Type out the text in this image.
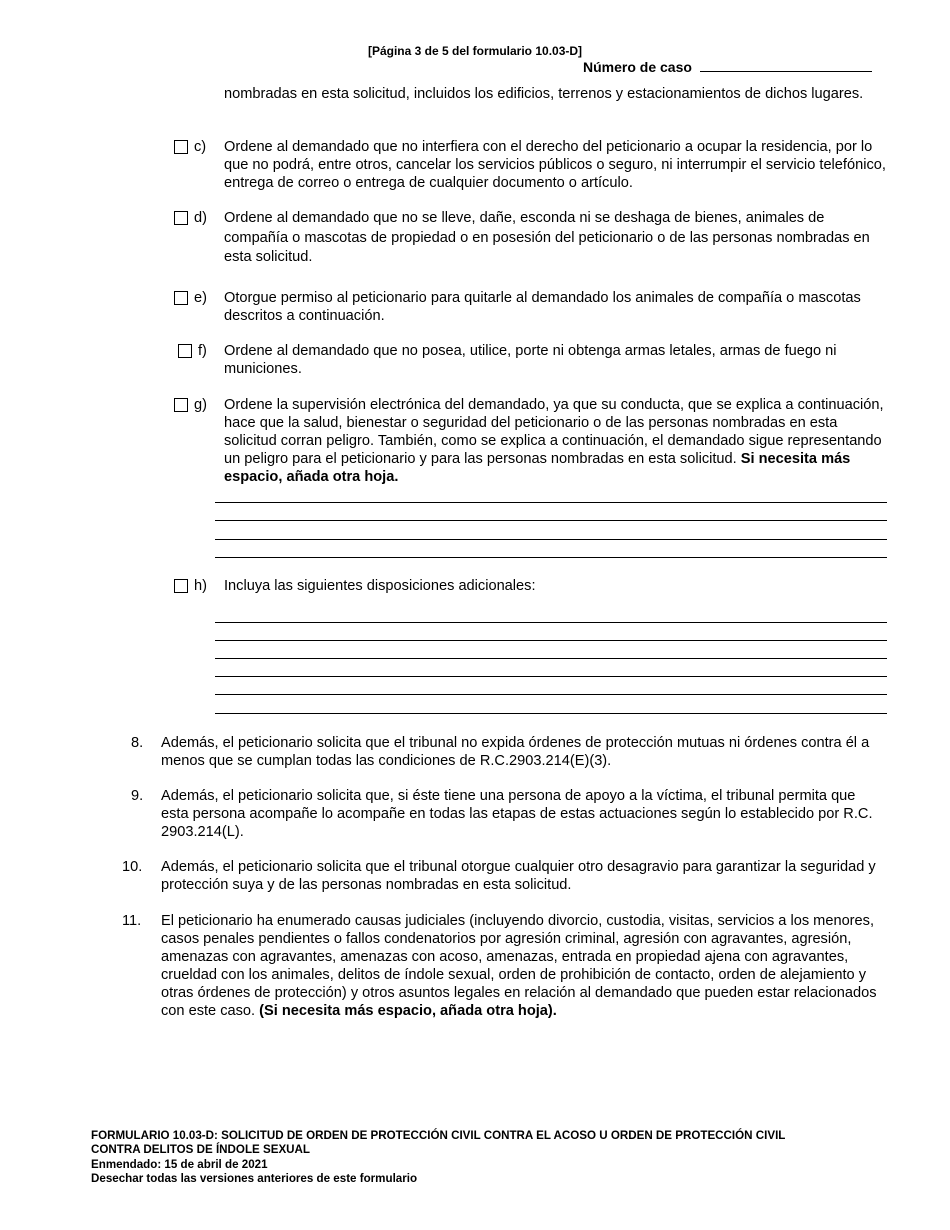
[Página 3 de 5 del formulario 10.03-D]
Número de caso
nombradas en esta solicitud, incluidos los edificios, terrenos y estacionamientos de dichos lugares.
c) Ordene al demandado que no interfiera con el derecho del peticionario a ocupar la residencia, por lo que no podrá, entre otros, cancelar los servicios públicos o seguro, ni interrumpir el servicio telefónico, entrega de correo o entrega de cualquier documento o artículo.
d) Ordene al demandado que no se lleve, dañe, esconda ni se deshaga de bienes, animales de compañía o mascotas de propiedad o en posesión del peticionario o de las personas nombradas en esta solicitud.
e) Otorgue permiso al peticionario para quitarle al demandado los animales de compañía o mascotas descritos a continuación.
f) Ordene al demandado que no posea, utilice, porte ni obtenga armas letales, armas de fuego ni municiones.
g) Ordene la supervisión electrónica del demandado, ya que su conducta, que se explica a continuación, hace que la salud, bienestar o seguridad del peticionario o de las personas nombradas en esta solicitud corran peligro. También, como se explica a continuación, el demandado sigue representando un peligro para el peticionario y para las personas nombradas en esta solicitud. Si necesita más espacio, añada otra hoja.
h) Incluya las siguientes disposiciones adicionales:
8. Además, el peticionario solicita que el tribunal no expida órdenes de protección mutuas ni órdenes contra él a menos que se cumplan todas las condiciones de R.C.2903.214(E)(3).
9. Además, el peticionario solicita que, si éste tiene una persona de apoyo a la víctima, el tribunal permita que esta persona acompañe lo acompañe en todas las etapas de estas actuaciones según lo establecido por R.C. 2903.214(L).
10. Además, el peticionario solicita que el tribunal otorgue cualquier otro desagravio para garantizar la seguridad y protección suya y de las personas nombradas en esta solicitud.
11. El peticionario ha enumerado causas judiciales (incluyendo divorcio, custodia, visitas, servicios a los menores, casos penales pendientes o fallos condenatorios por agresión criminal, agresión con agravantes, agresión, amenazas con agravantes, amenazas con acoso, amenazas, entrada en propiedad ajena con agravantes, crueldad con los animales, delitos de índole sexual, orden de prohibición de contacto, orden de alejamiento y otras órdenes de protección) y otros asuntos legales en relación al demandado que pueden estar relacionados con este caso. (Si necesita más espacio, añada otra hoja).
FORMULARIO 10.03-D: SOLICITUD DE ORDEN DE PROTECCIÓN CIVIL CONTRA EL ACOSO U ORDEN DE PROTECCIÓN CIVIL
CONTRA DELITOS DE ÍNDOLE SEXUAL
Enmendado: 15 de abril de 2021
Desechar todas las versiones anteriores de este formulario
